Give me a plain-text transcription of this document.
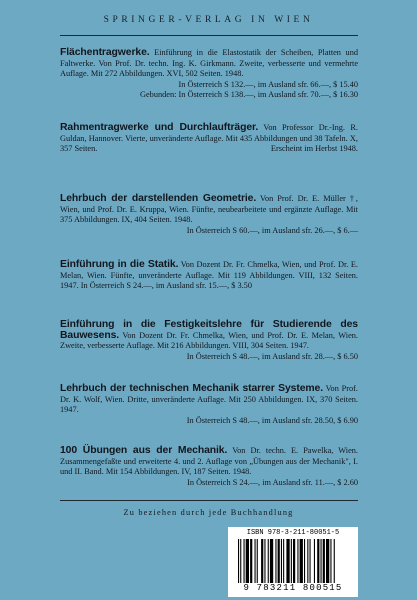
SPRINGER-VERLAG IN WIEN
Flächentragwerke. Einführung in die Elastostatik der Scheiben, Platten und Faltwerke. Von Prof. Dr. techn. Ing. K. Girkmann. Zweite, verbesserte und vermehrte Auflage. Mit 272 Abbildungen. XVI, 502 Seiten. 1948.
In Österreich S 132.—, im Ausland sfr. 66.—, $ 15.40
Gebunden: In Österreich S 138.—, im Ausland sfr. 70.—, $ 16.30
Rahmentragwerke und Durchlaufträger. Von Professor Dr.-Ing. R. Guldan, Hannover. Vierte, unveränderte Auflage. Mit 435 Abbildungen und 38 Tafeln. X, 357 Seiten.	Erscheint im Herbst 1948.
Lehrbuch der darstellenden Geometrie. Von Prof. Dr. E. Müller †, Wien, und Prof. Dr. E. Kruppa, Wien. Fünfte, neubearbeitete und ergänzte Auflage. Mit 375 Abbildungen. IX, 404 Seiten. 1948.
In Österreich S 60.—, im Ausland sfr. 26.—, $ 6.—
Einführung in die Statik. Von Dozent Dr. Fr. Chmelka, Wien, und Prof. Dr. E. Melan, Wien. Fünfte, unveränderte Auflage. Mit 119 Abbildungen. VIII, 132 Seiten. 1947. In Österreich S 24.—, im Ausland sfr. 15.—, $ 3.50
Einführung in die Festigkeitslehre für Studierende des Bauwesens. Von Dozent Dr. Fr. Chmelka, Wien, und Prof. Dr. E. Melan, Wien. Zweite, verbesserte Auflage. Mit 216 Abbildungen. VIII, 304 Seiten. 1947.
In Österreich S 48.—, im Ausland sfr. 28.—, $ 6.50
Lehrbuch der technischen Mechanik starrer Systeme. Von Prof. Dr. K. Wolf, Wien. Dritte, unveränderte Auflage. Mit 250 Abbildungen. IX, 370 Seiten. 1947.
In Österreich S 48.—, im Ausland sfr. 28.50, $ 6.90
100 Übungen aus der Mechanik. Von Dr. techn. E. Pawelka, Wien. Zusammengefaßte und erweiterte 4. und 2. Auflage von „Übungen aus der Mechanik", I. und II. Band. Mit 154 Abbildungen. IV, 187 Seiten. 1948.
In Österreich S 24.—, im Ausland sfr. 11.—, $ 2.60
Zu beziehen durch jede Buchhandlung
ISBN 978-3-211-80051-5
9 783211 800515
